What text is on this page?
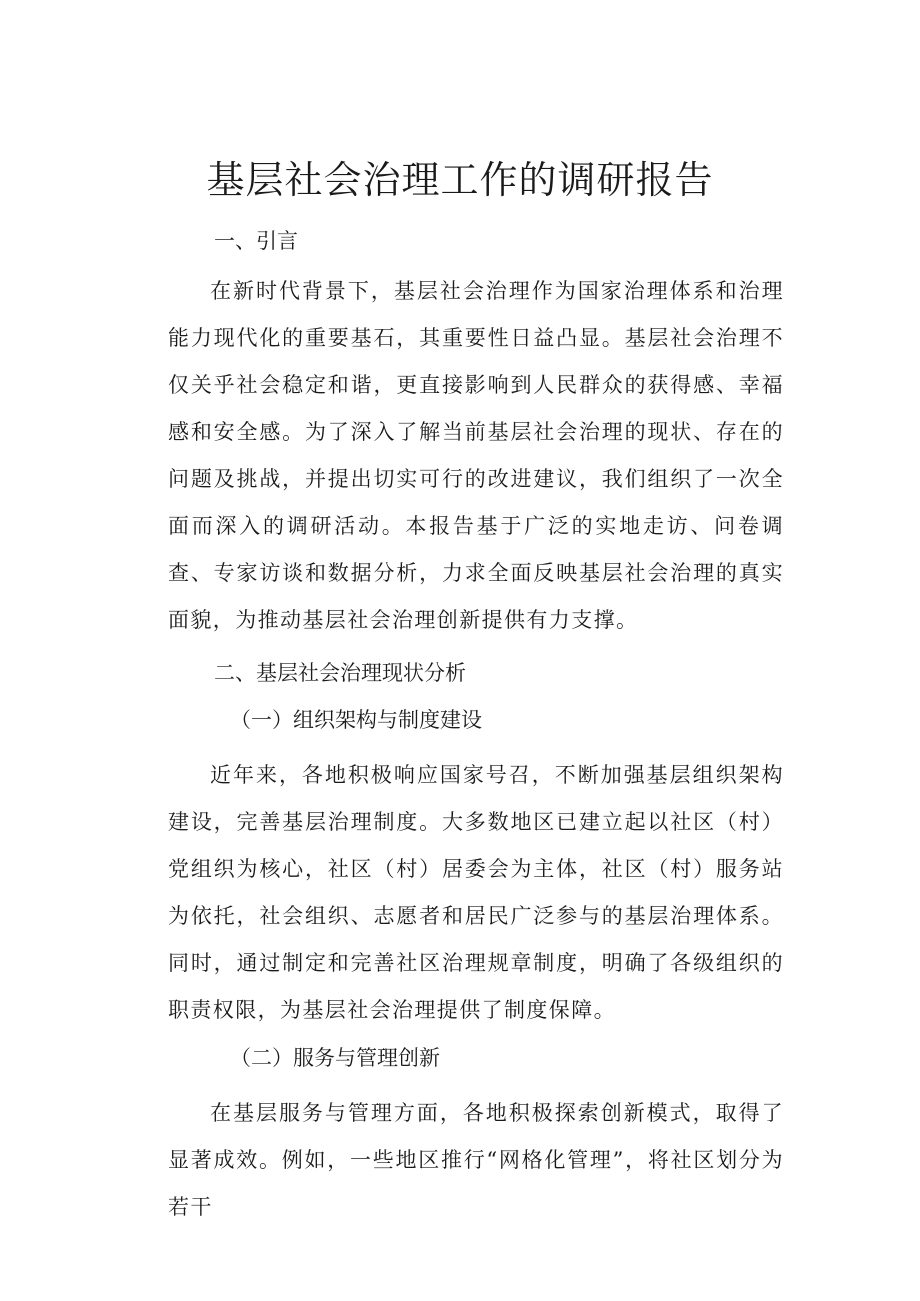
基层社会治理工作的调研报告

一、引言

在新时代背景下，基层社会治理作为国家治理体系和治理能力现代化的重要基石，其重要性日益凸显。基层社会治理不仅关乎社会稳定和谐，更直接影响到人民群众的获得感、幸福感和安全感。为了深入了解当前基层社会治理的现状、存在的问题及挑战，并提出切实可行的改进建议，我们组织了一次全面而深入的调研活动。本报告基于广泛的实地走访、问卷调查、专家访谈和数据分析，力求全面反映基层社会治理的真实面貌，为推动基层社会治理创新提供有力支撑。

二、基层社会治理现状分析

（一）组织架构与制度建设

近年来，各地积极响应国家号召，不断加强基层组织架构建设，完善基层治理制度。大多数地区已建立起以社区（村）党组织为核心，社区（村）居委会为主体，社区（村）服务站为依托，社会组织、志愿者和居民广泛参与的基层治理体系。同时，通过制定和完善社区治理规章制度，明确了各级组织的职责权限，为基层社会治理提供了制度保障。

（二）服务与管理创新

在基层服务与管理方面，各地积极探索创新模式，取得了显著成效。例如，一些地区推行“网格化管理”，将社区划分为若干
